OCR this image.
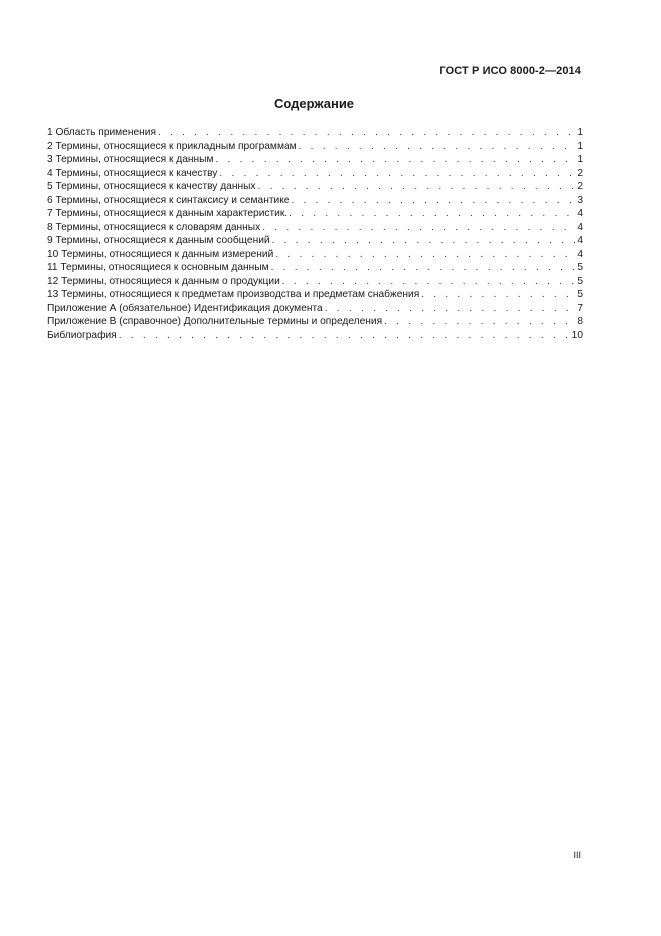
ГОСТ Р ИСО 8000-2—2014
Содержание
1 Область применения . . .	1
2 Термины, относящиеся к прикладным программам . . .	1
3 Термины, относящиеся к данным . . .	1
4 Термины, относящиеся к качеству . . .	2
5 Термины, относящиеся к качеству данных . . .	2
6 Термины, относящиеся к синтаксису и семантике . . .	3
7 Термины, относящиеся к данным характеристик. . . .	4
8 Термины, относящиеся к словарям данных . . .	4
9 Термины, относящиеся к данным сообщений . . .	4
10 Термины, относящиеся к данным измерений . . .	4
11 Термины, относящиеся к основным данным . . .	5
12 Термины, относящиеся к данным о продукции . . .	5
13 Термины, относящиеся к предметам производства и предметам снабжения . . .	5
Приложение А (обязательное) Идентификация документа . . .	7
Приложение В (справочное) Дополнительные термины и определения . . .	8
Библиография . . .	10
III
